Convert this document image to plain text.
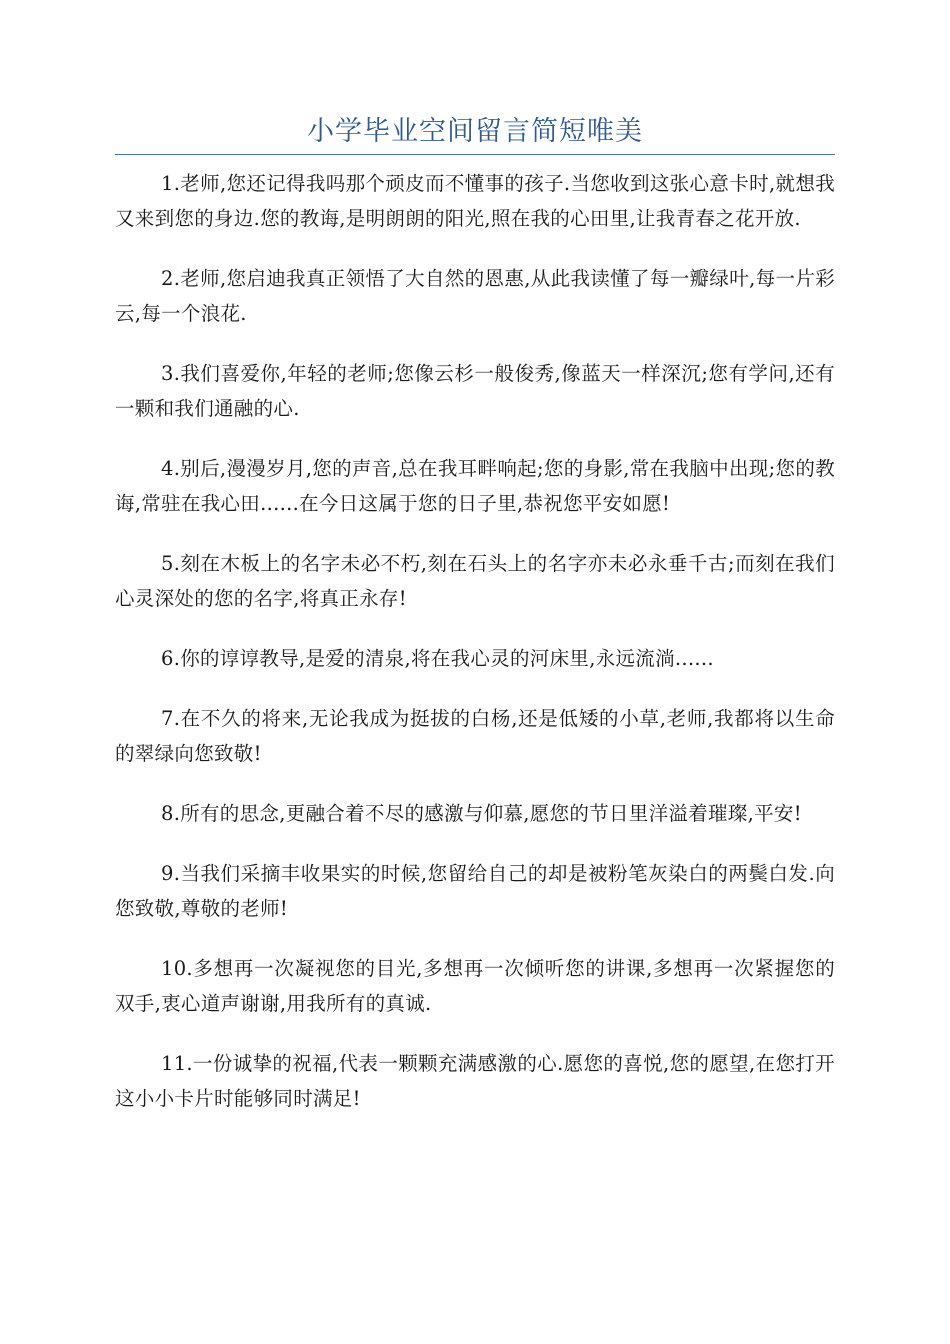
小学毕业空间留言简短唯美

1.老师,您还记得我吗那个顽皮而不懂事的孩子.当您收到这张心意卡时,就想我又来到您的身边.您的教诲,是明朗朗的阳光,照在我的心田里,让我青春之花开放.

2.老师,您启迪我真正领悟了大自然的恩惠,从此我读懂了每一瓣绿叶,每一片彩云,每一个浪花.

3.我们喜爱你,年轻的老师;您像云杉一般俊秀,像蓝天一样深沉;您有学问,还有一颗和我们通融的心.

4.别后,漫漫岁月,您的声音,总在我耳畔响起;您的身影,常在我脑中出现;您的教诲,常驻在我心田......在今日这属于您的日子里,恭祝您平安如愿!

5.刻在木板上的名字未必不朽,刻在石头上的名字亦未必永垂千古;而刻在我们心灵深处的您的名字,将真正永存!

6.你的谆谆教导,是爱的清泉,将在我心灵的河床里,永远流淌......

7.在不久的将来,无论我成为挺拔的白杨,还是低矮的小草,老师,我都将以生命的翠绿向您致敬!

8.所有的思念,更融合着不尽的感激与仰慕,愿您的节日里洋溢着璀璨,平安!

9.当我们采摘丰收果实的时候,您留给自己的却是被粉笔灰染白的两鬓白发.向您致敬,尊敬的老师!

10.多想再一次凝视您的目光,多想再一次倾听您的讲课,多想再一次紧握您的双手,衷心道声谢谢,用我所有的真诚.

11.一份诚挚的祝福,代表一颗颗充满感激的心.愿您的喜悦,您的愿望,在您打开这小小卡片时能够同时满足!
